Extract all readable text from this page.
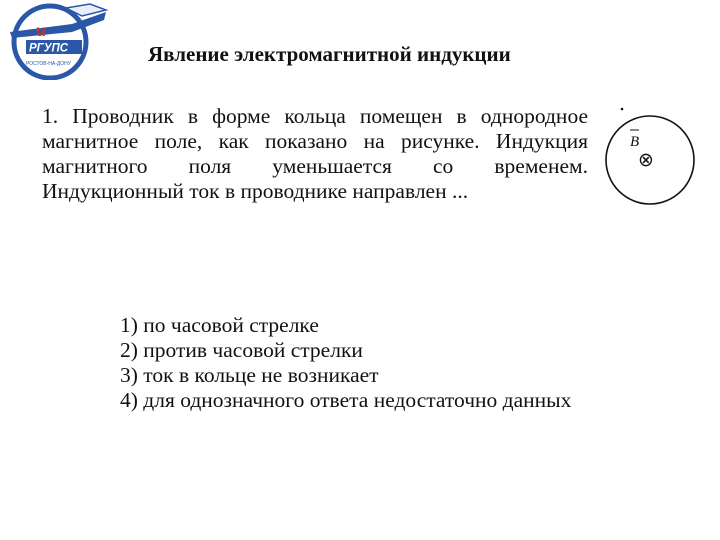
u
РГУПС
РОСТОВ-НА-ДОНУ	Явление электромагнитной индукции
1. Проводник в форме кольца помещен в однородное магнитное поле, как показано на рисунке. Индукция магнитного поля уменьшается со временем. Индукционный ток в проводнике направлен ...
1) по часовой стрелке
2) против часовой стрелки
3) ток в кольце не возникает
4) для однозначного ответа недостаточно данных
B
⊗
